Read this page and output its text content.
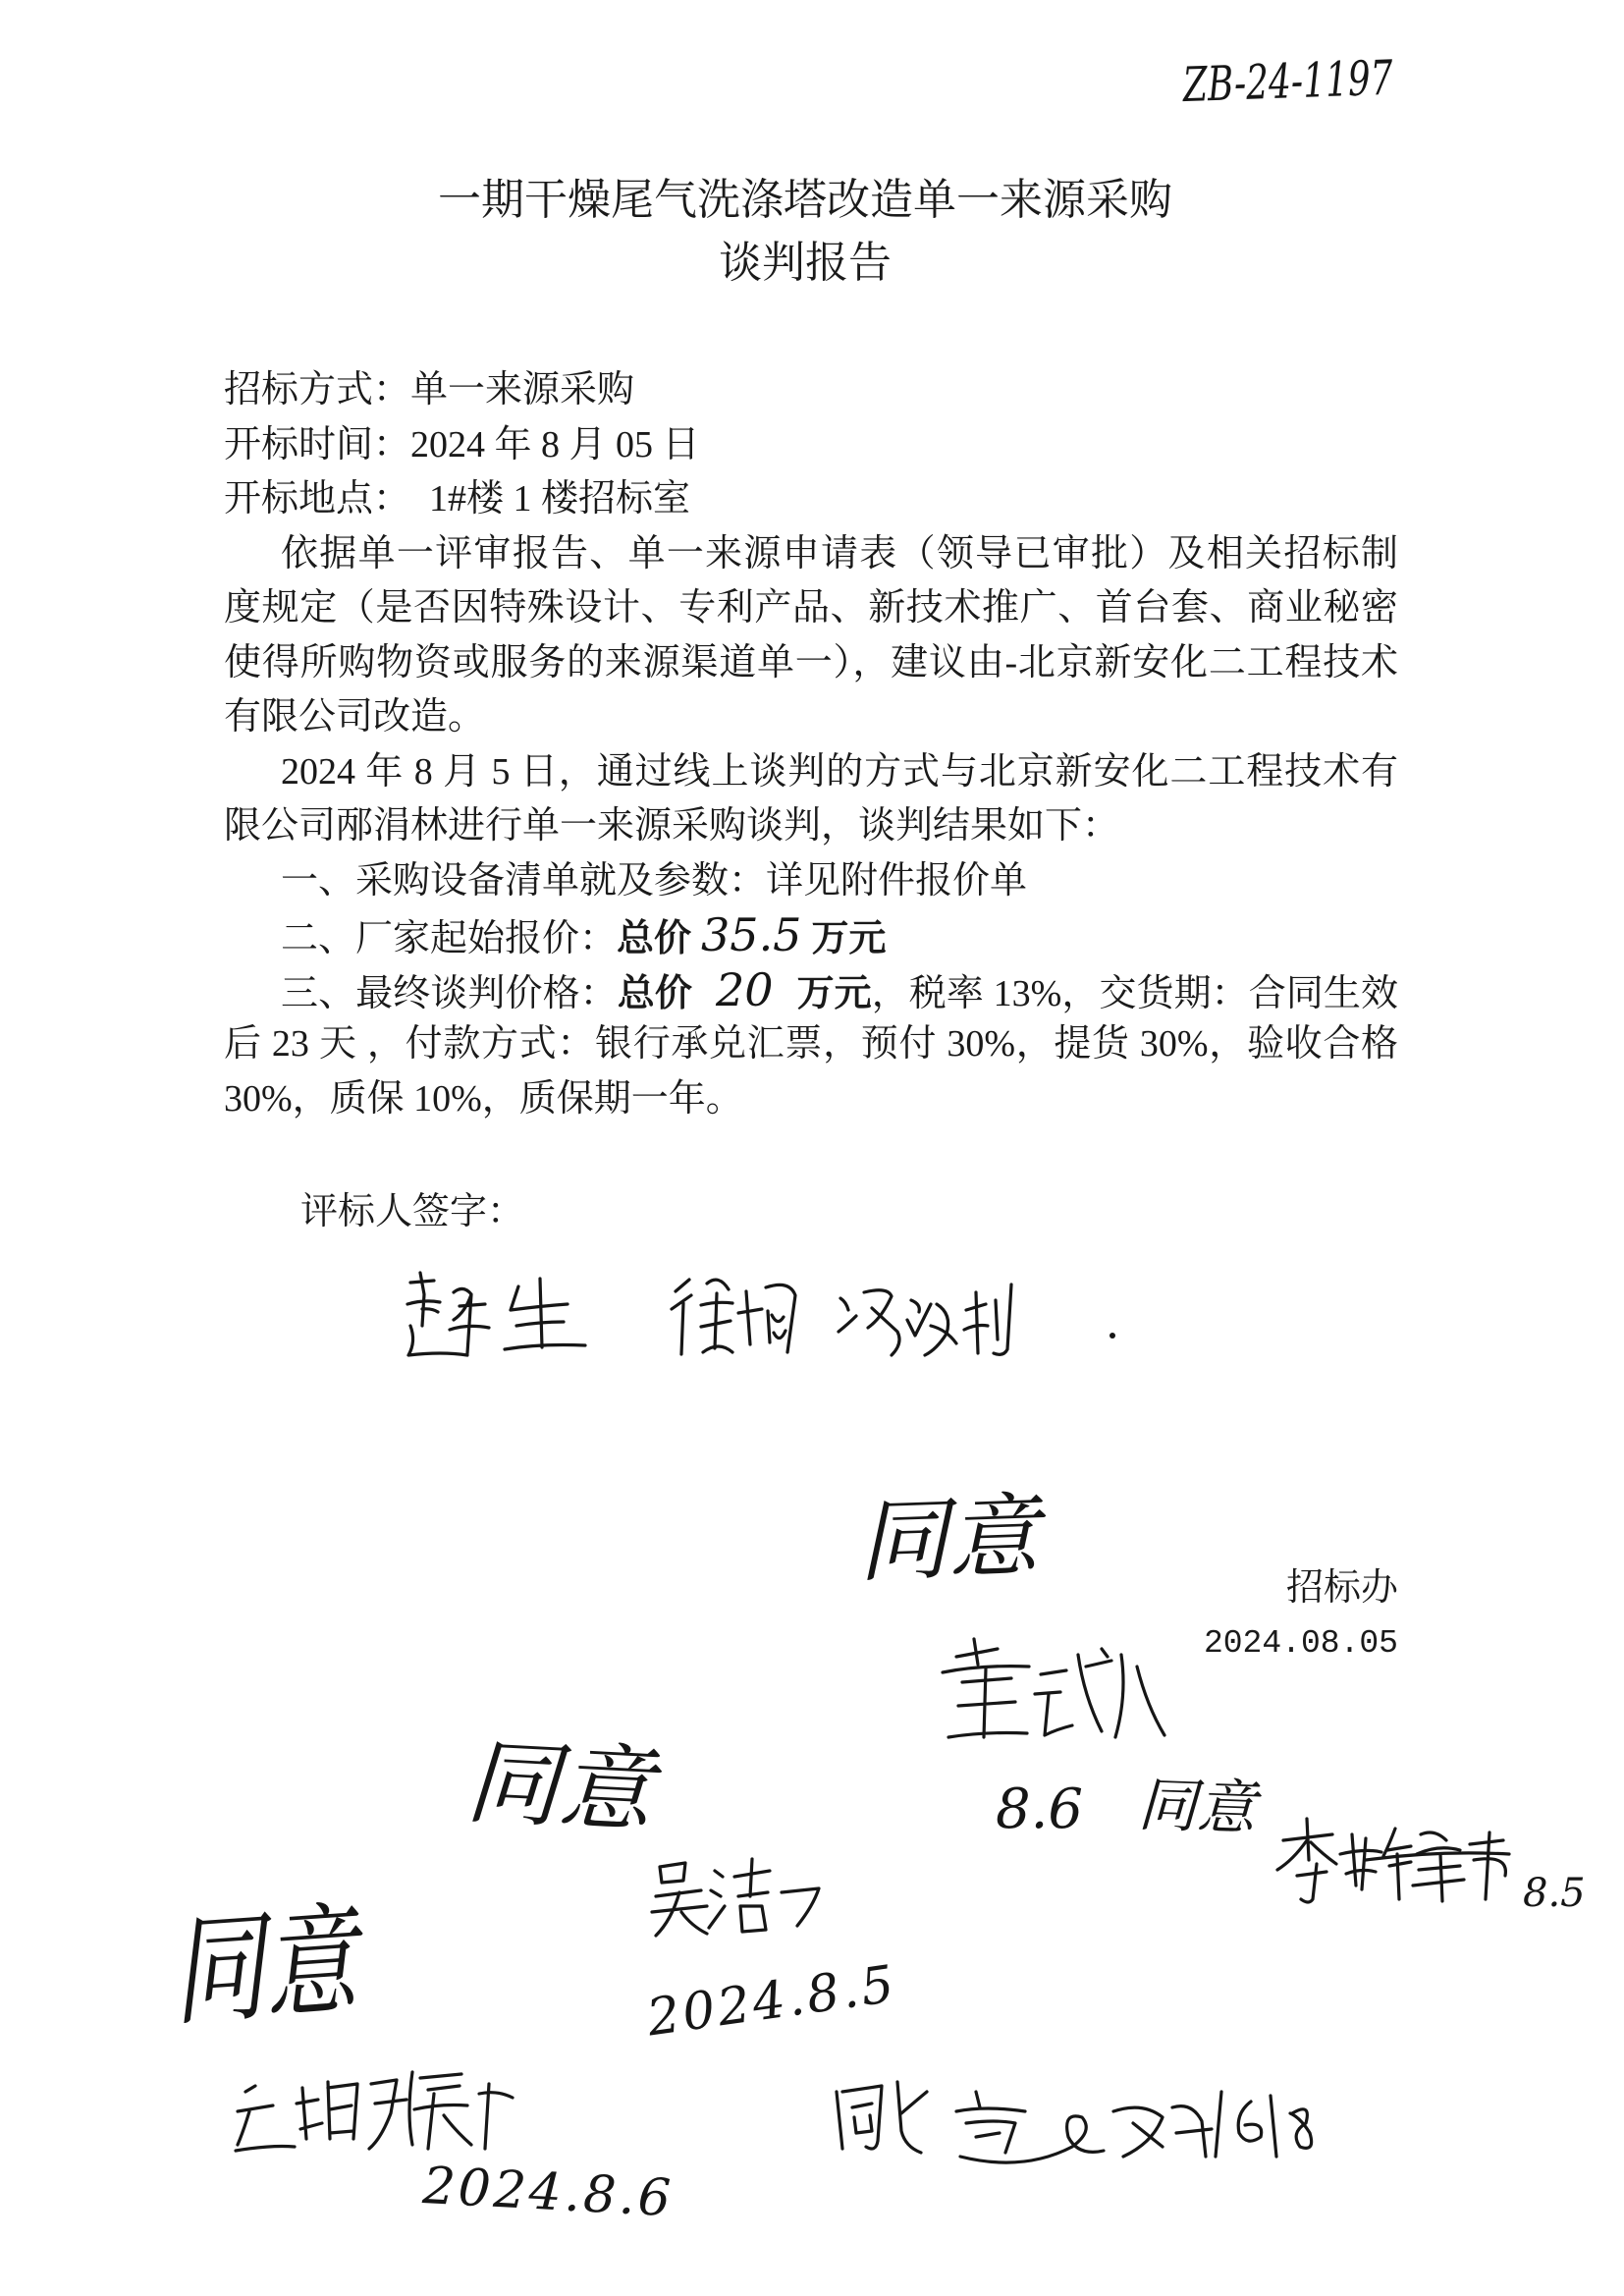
ZB-24-1197
一期干燥尾气洗涤塔改造单一来源采购
谈判报告
招标方式：单一来源采购
开标时间：2024 年 8 月 05 日
开标地点：  1#楼 1 楼招标室
依据单一评审报告、单一来源申请表（领导已审批）及相关招标制
度规定（是否因特殊设计、专利产品、新技术推广、首台套、商业秘密
使得所购物资或服务的来源渠道单一），建议由-北京新安化二工程技术
有限公司改造。
2024 年 8 月 5 日，通过线上谈判的方式与北京新安化二工程技术有
限公司邴涓林进行单一来源采购谈判，谈判结果如下：
一、采购设备清单就及参数：详见附件报价单
二、厂家起始报价：总价 35.5 万元
三、最终谈判价格：总价 20 万元，税率 13%，交货期：合同生效
后 23 天 ，付款方式：银行承兑汇票，预付 30%，提货 30%，验收合格
30%，质保 10%，质保期一年。
评标人签字：
招标办
2024.08.05
同意
同意	8.6 同意
8.5
2024.8.5
同意
2024.8.6
